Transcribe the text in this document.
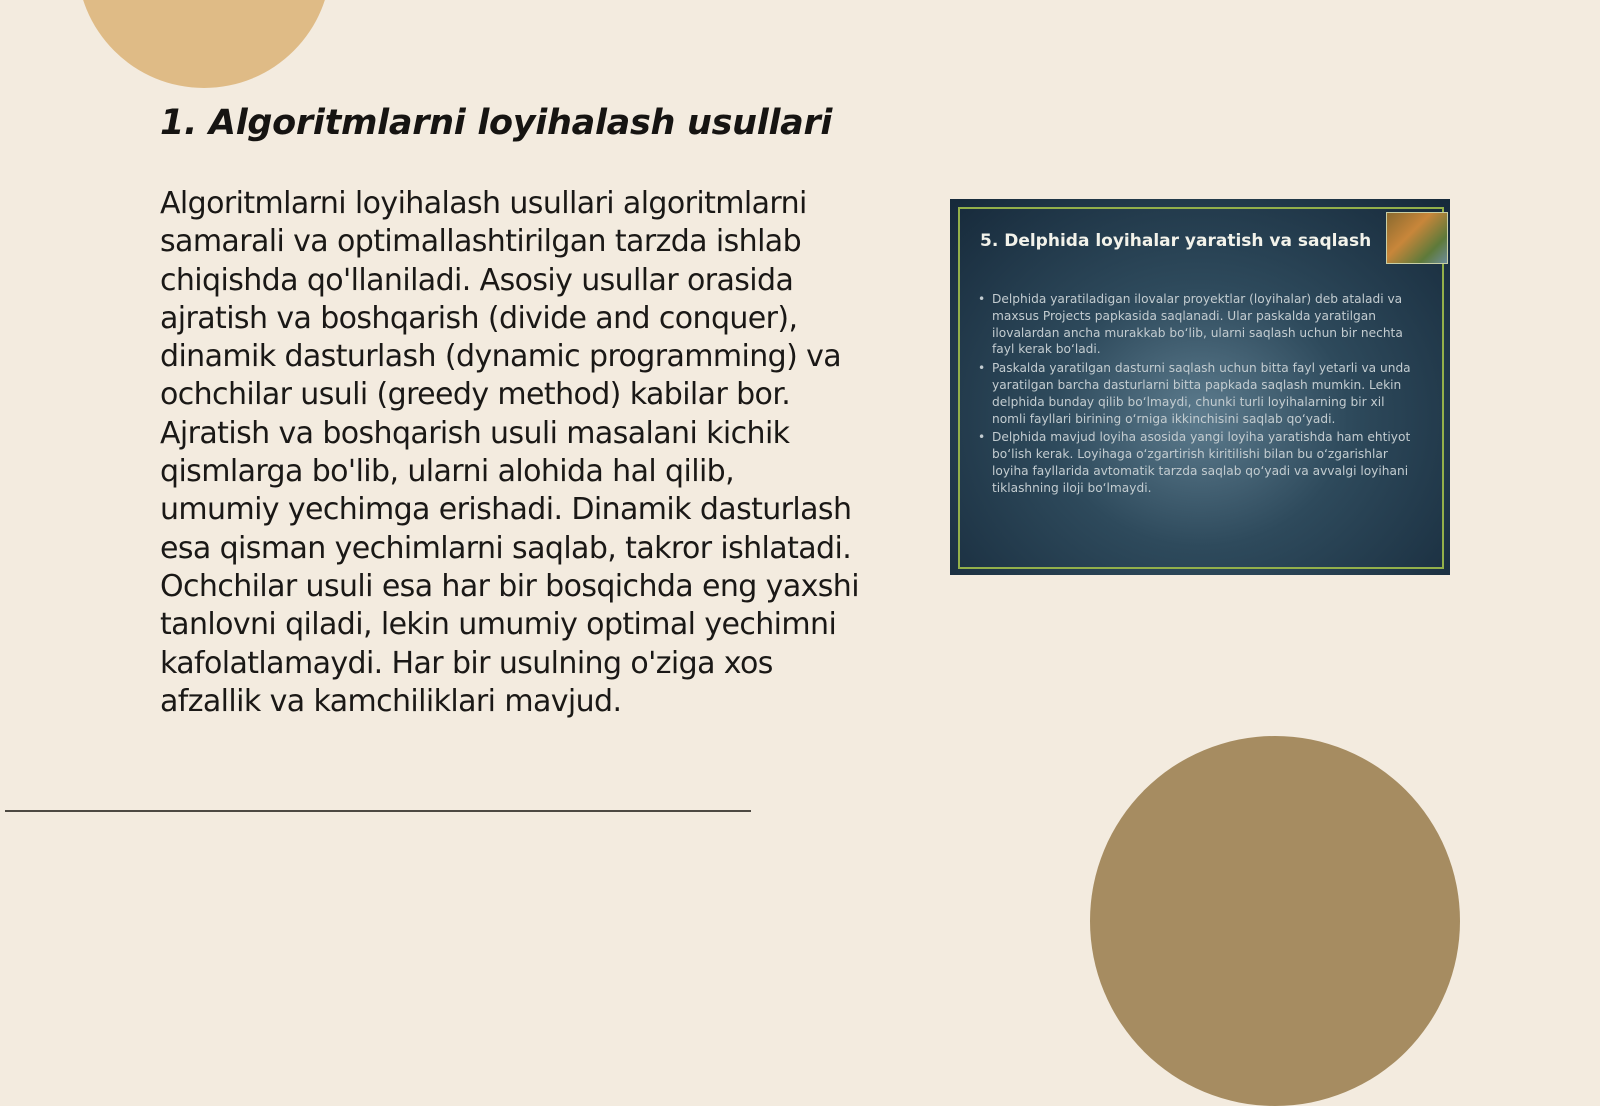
1. Algoritmlarni loyihalash usullari

Algoritmlarni loyihalash usullari algoritmlarni samarali va optimallashtirilgan tarzda ishlab chiqishda qo'llaniladi. Asosiy usullar orasida ajratish va boshqarish (divide and conquer), dinamik dasturlash (dynamic programming) va ochchilar usuli (greedy method) kabilar bor. Ajratish va boshqarish usuli masalani kichik qismlarga bo'lib, ularni alohida hal qilib, umumiy yechimga erishadi. Dinamik dasturlash esa qisman yechimlarni saqlab, takror ishlatadi. Ochchilar usuli esa har bir bosqichda eng yaxshi tanlovni qiladi, lekin umumiy optimal yechimni kafolatlamaydi. Har bir usulning o'ziga xos afzallik va kamchiliklari mavjud.

5. Delphida loyihalar yaratish va saqlash
• Delphida yaratiladigan ilovalar proyektlar (loyihalar) deb ataladi va maxsus Projects papkasida saqlanadi. Ular paskalda yaratilgan ilovalardan ancha murakkab bo‘lib, ularni saqlash uchun bir nechta fayl kerak bo‘ladi.
• Paskalda yaratilgan dasturni saqlash uchun bitta fayl yetarli va unda yaratilgan barcha dasturlarni bitta papkada saqlash mumkin. Lekin delphida bunday qilib bo‘lmaydi, chunki turli loyihalarning bir xil nomli fayllari birining o‘rniga ikkinchisini saqlab qo‘yadi.
• Delphida mavjud loyiha asosida yangi loyiha yaratishda ham ehtiyot bo‘lish kerak. Loyihaga o‘zgartirish kiritilishi bilan bu o‘zgarishlar loyiha fayllarida avtomatik tarzda saqlab qo‘yadi va avvalgi loyihani tiklashning iloji bo‘lmaydi.
